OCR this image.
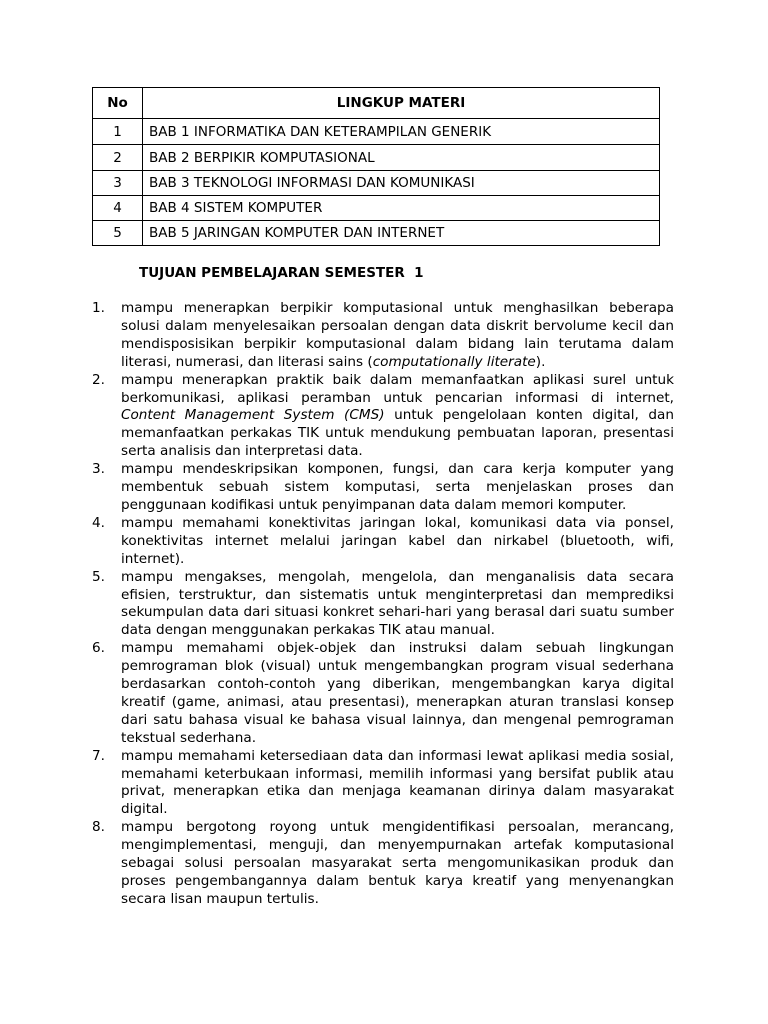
No	LINGKUP MATERI
1	BAB 1 INFORMATIKA DAN KETERAMPILAN GENERIK
2	BAB 2 BERPIKIR KOMPUTASIONAL
3	BAB 3 TEKNOLOGI INFORMASI DAN KOMUNIKASI
4	BAB 4 SISTEM KOMPUTER
5	BAB 5 JARINGAN KOMPUTER DAN INTERNET
TUJUAN PEMBELAJARAN SEMESTER  1
1. mampu menerapkan berpikir komputasional untuk menghasilkan beberapa solusi dalam menyelesaikan persoalan dengan data diskrit bervolume kecil dan mendisposisikan berpikir komputasional dalam bidang lain terutama dalam literasi, numerasi, dan literasi sains (computationally literate).
2. mampu menerapkan praktik baik dalam memanfaatkan aplikasi surel untuk berkomunikasi, aplikasi peramban untuk pencarian informasi di internet, Content Management System (CMS) untuk pengelolaan konten digital, dan memanfaatkan perkakas TIK untuk mendukung pembuatan laporan, presentasi serta analisis dan interpretasi data.
3. mampu mendeskripsikan komponen, fungsi, dan cara kerja komputer yang membentuk sebuah sistem komputasi, serta menjelaskan proses dan penggunaan kodifikasi untuk penyimpanan data dalam memori komputer.
4. mampu memahami konektivitas jaringan lokal, komunikasi data via ponsel, konektivitas internet melalui jaringan kabel dan nirkabel (bluetooth, wifi, internet).
5. mampu mengakses, mengolah, mengelola, dan menganalisis data secara efisien, terstruktur, dan sistematis untuk menginterpretasi dan memprediksi sekumpulan data dari situasi konkret sehari-hari yang berasal dari suatu sumber data dengan menggunakan perkakas TIK atau manual.
6. mampu memahami objek-objek dan instruksi dalam sebuah lingkungan pemrograman blok (visual) untuk mengembangkan program visual sederhana berdasarkan contoh-contoh yang diberikan, mengembangkan karya digital kreatif (game, animasi, atau presentasi), menerapkan aturan translasi konsep dari satu bahasa visual ke bahasa visual lainnya, dan mengenal pemrograman tekstual sederhana.
7. mampu memahami ketersediaan data dan informasi lewat aplikasi media sosial, memahami keterbukaan informasi, memilih informasi yang bersifat publik atau privat, menerapkan etika dan menjaga keamanan dirinya dalam masyarakat digital.
8. mampu bergotong royong untuk mengidentifikasi persoalan, merancang, mengimplementasi, menguji, dan menyempurnakan artefak komputasional sebagai solusi persoalan masyarakat serta mengomunikasikan produk dan proses pengembangannya dalam bentuk karya kreatif yang menyenangkan secara lisan maupun tertulis.
